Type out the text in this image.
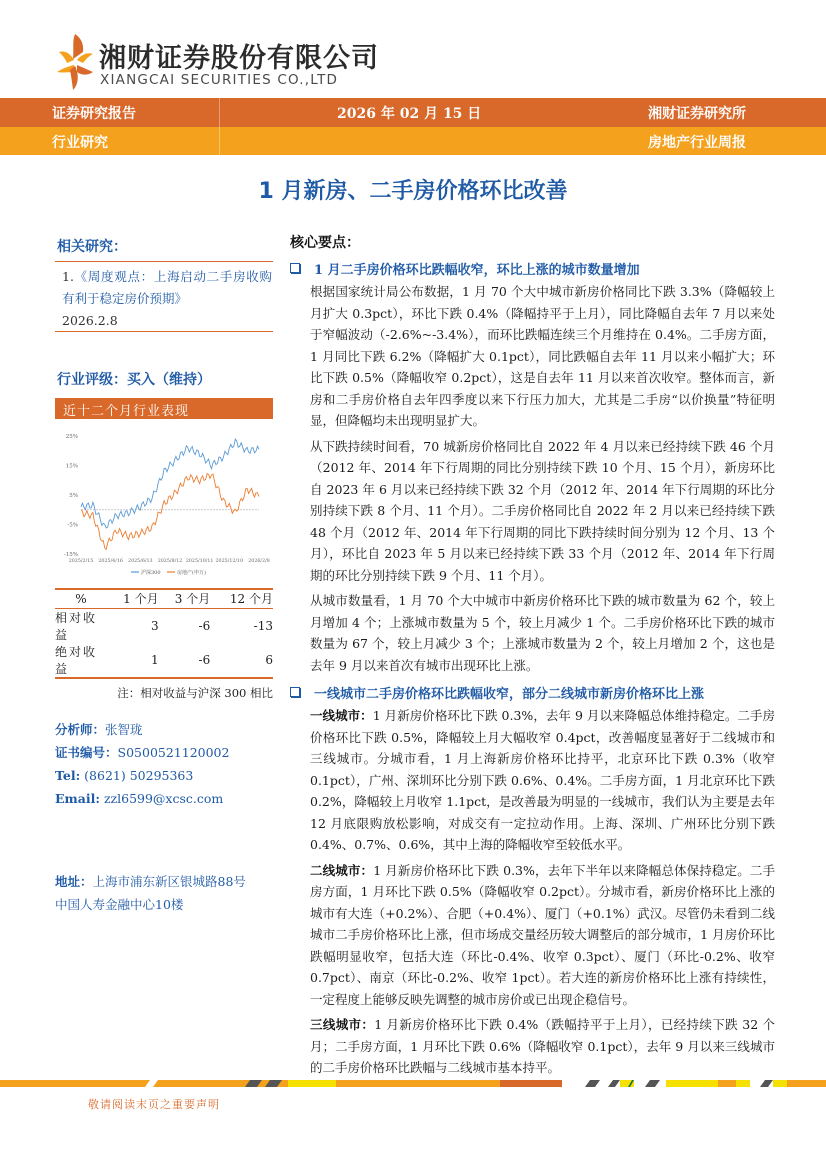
湘财证券股份有限公司
XIANGCAI SECURITIES CO.,LTD
证券研究报告	2026 年 02 月 15 日	湘财证券研究所
行业研究	房地产行业周报
1 月新房、二手房价格环比改善
相关研究：
1.《周度观点：上海启动二手房收购有利于稳定房价预期》
2026.2.8
行业评级：买入（维持）
近十二个月行业表现
25%
15%
5%
-5%
-15%
2025/2/15 2025/4/16 2025/6/13 2025/8/12 2025/10/11 2025/12/10 2026/2/8
沪深300	房地产(申万)
%	1 个月	3 个月	12 个月
相对收益	3	-6	-13
绝对收益	1	-6	6
注：相对收益与沪深 300 相比
分析师：张智珑
证书编号：S0500521120002
Tel: (8621) 50295363
Email: zzl6599@xcsc.com
地址：上海市浦东新区银城路88号
中国人寿金融中心10楼
核心要点：
1 月二手房价格环比跌幅收窄，环比上涨的城市数量增加

根据国家统计局公布数据，1 月 70 个大中城市新房价格同比下跌 3.3%（降幅较上月扩大 0.3pct），环比下跌 0.4%（降幅持平于上月），同比降幅自去年 7 月以来处于窄幅波动（-2.6%~-3.4%），而环比跌幅连续三个月维持在 0.4%。二手房方面，1 月同比下跌 6.2%（降幅扩大 0.1pct），同比跌幅自去年 11 月以来小幅扩大；环比下跌 0.5%（降幅收窄 0.2pct），这是自去年 11 月以来首次收窄。整体而言，新房和二手房价格自去年四季度以来下行压力加大，尤其是二手房“以价换量”特征明显，但降幅均未出现明显扩大。

从下跌持续时间看，70 城新房价格同比自 2022 年 4 月以来已经持续下跌 46 个月（2012 年、2014 年下行周期的同比分别持续下跌 10 个月、15 个月），新房环比自 2023 年 6 月以来已经持续下跌 32 个月（2012 年、2014 年下行周期的环比分别持续下跌 8 个月、11 个月）。二手房价格同比自 2022 年 2 月以来已经持续下跌 48 个月（2012 年、2014 年下行周期的同比下跌持续时间分别为 12 个月、13 个月），环比自 2023 年 5 月以来已经持续下跌 33 个月（2012 年、2014 年下行周期的环比分别持续下跌 9 个月、11 个月）。

从城市数量看，1 月 70 个大中城市中新房价格环比下跌的城市数量为 62 个，较上月增加 4 个；上涨城市数量为 5 个，较上月减少 1 个。二手房价格环比下跌的城市数量为 67 个，较上月减少 3 个；上涨城市数量为 2 个，较上月增加 2 个，这也是去年 9 月以来首次有城市出现环比上涨。

一线城市二手房价格环比跌幅收窄，部分二线城市新房价格环比上涨

一线城市：1 月新房价格环比下跌 0.3%，去年 9 月以来降幅总体维持稳定。二手房价格环比下跌 0.5%，降幅较上月大幅收窄 0.4pct，改善幅度显著好于二线城市和三线城市。分城市看，1 月上海新房价格环比持平，北京环比下跌 0.3%（收窄 0.1pct），广州、深圳环比分别下跌 0.6%、0.4%。二手房方面，1 月北京环比下跌 0.2%，降幅较上月收窄 1.1pct，是改善最为明显的一线城市，我们认为主要是去年 12 月底限购放松影响，对成交有一定拉动作用。上海、深圳、广州环比分别下跌 0.4%、0.7%、0.6%，其中上海的降幅收窄至较低水平。

二线城市：1 月新房价格环比下跌 0.3%，去年下半年以来降幅总体保持稳定。二手房方面，1 月环比下跌 0.5%（降幅收窄 0.2pct）。分城市看，新房价格环比上涨的城市有大连（+0.2%）、合肥（+0.4%）、厦门（+0.1%）武汉。尽管仍未看到二线城市二手房价格环比上涨，但市场成交量经历较大调整后的部分城市，1 月房价环比跌幅明显收窄，包括大连（环比-0.4%、收窄 0.3pct）、厦门（环比-0.2%、收窄 0.7pct）、南京（环比-0.2%、收窄 1pct）。若大连的新房价格环比上涨有持续性，一定程度上能够反映先调整的城市房价或已出现企稳信号。

三线城市：1 月新房价格环比下跌 0.4%（跌幅持平于上月），已经持续下跌 32 个月；二手房方面，1 月环比下跌 0.6%（降幅收窄 0.1pct），去年 9 月以来三线城市的二手房价格环比跌幅与二线城市基本持平。

敬请阅读末页之重要声明
